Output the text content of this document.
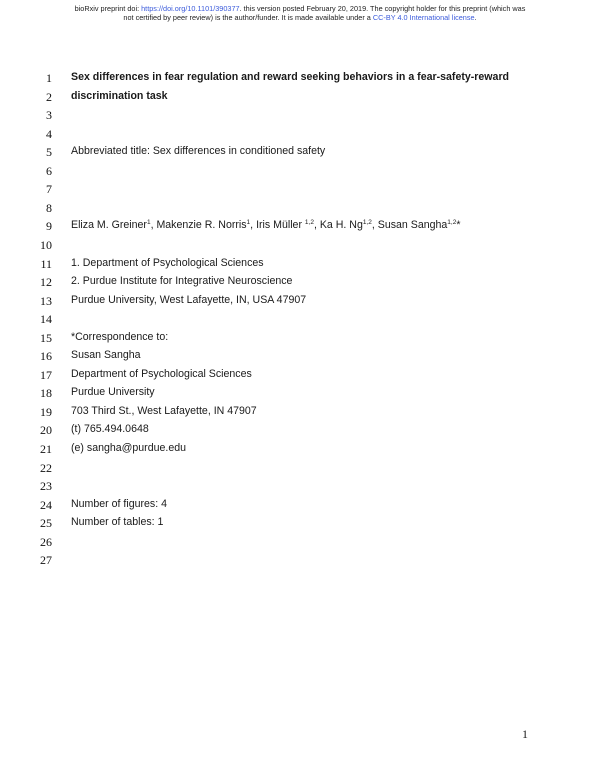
bioRxiv preprint doi: https://doi.org/10.1101/390377. this version posted February 20, 2019. The copyright holder for this preprint (which was
not certified by peer review) is the author/funder. It is made available under a CC-BY 4.0 International license.
1 Sex differences in fear regulation and reward seeking behaviors in a fear-safety-reward
2 discrimination task
3
4
5 Abbreviated title: Sex differences in conditioned safety
6
7
8
9 Eliza M. Greiner$^1$, Makenzie R. Norris$^1$, Iris Müller $^{1,2}$, Ka H. Ng$^{1,2}$, Susan Sangha$^{1,2}$*
10
11 1. Department of Psychological Sciences
12 2. Purdue Institute for Integrative Neuroscience
13 Purdue University, West Lafayette, IN, USA 47907
14
15 *Correspondence to:
16 Susan Sangha
17 Department of Psychological Sciences
18 Purdue University
19 703 Third St., West Lafayette, IN 47907
20 (t) 765.494.0648
21 (e) sangha@purdue.edu
22
23
24 Number of figures: 4
25 Number of tables: 1
26
27
1
